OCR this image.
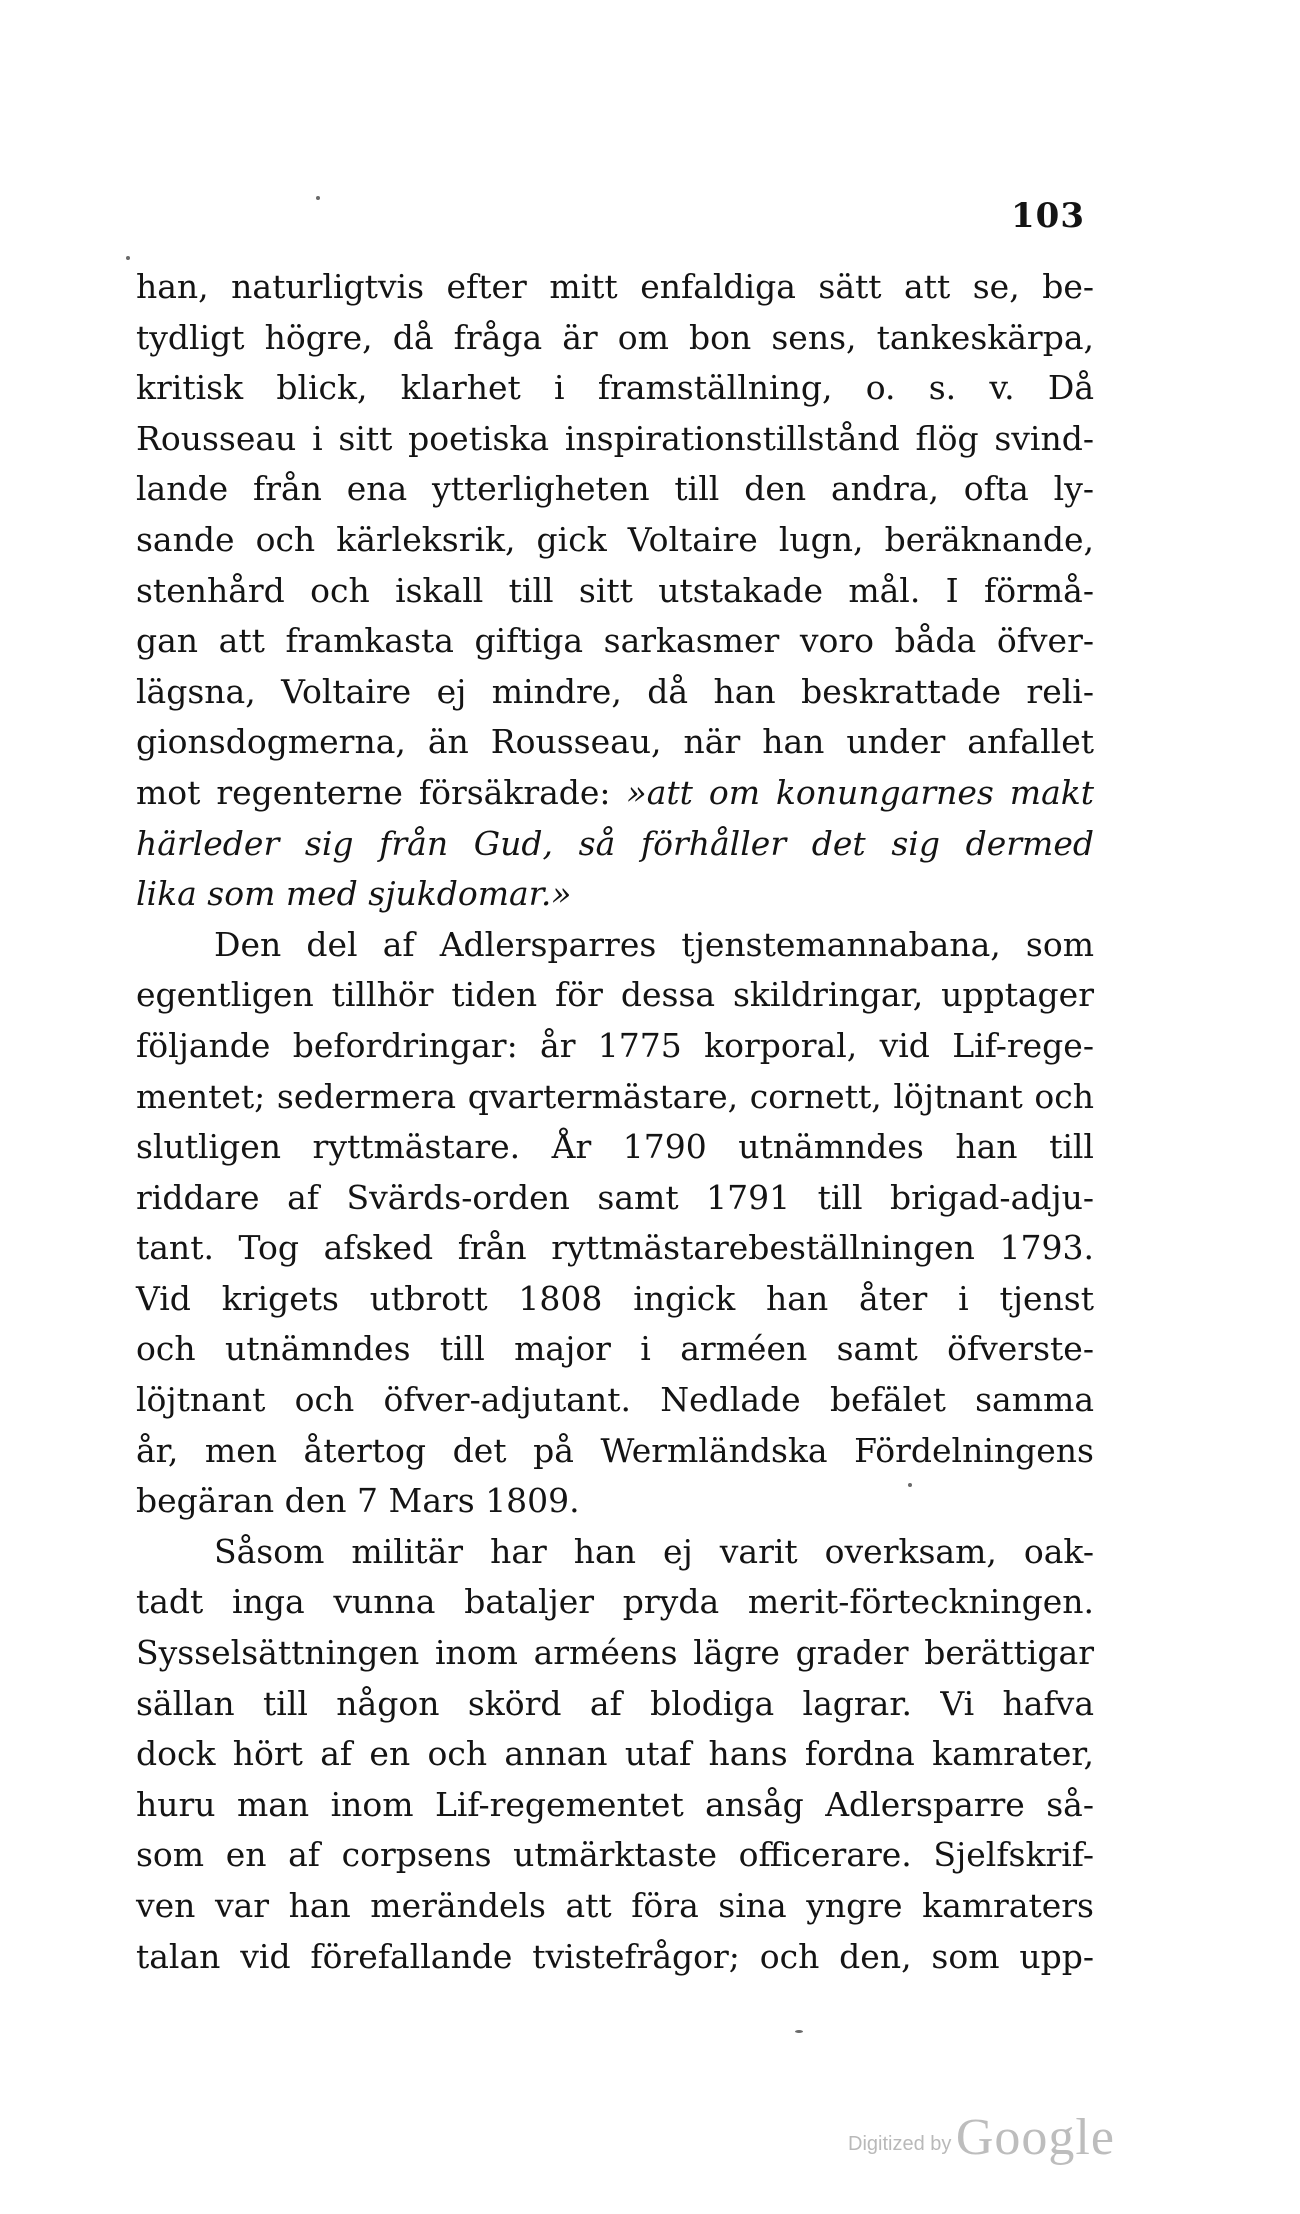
103
han, naturligtvis efter mitt enfaldiga sätt att se, be-
tydligt högre, då fråga är om bon sens, tankeskärpa,
kritisk blick, klarhet i framställning, o. s. v. Då
Rousseau i sitt poetiska inspirationstillstånd flög svind-
lande från ena ytterligheten till den andra, ofta ly-
sande och kärleksrik, gick Voltaire lugn, beräknande,
stenhård och iskall till sitt utstakade mål. I förmå-
gan att framkasta giftiga sarkasmer voro båda öfver-
lägsna, Voltaire ej mindre, då han beskrattade reli-
gionsdogmerna, än Rousseau, när han under anfallet
mot regenterne försäkrade: »att om konungarnes makt
härleder sig från Gud, så förhåller det sig dermed
lika som med sjukdomar.»
Den del af Adlersparres tjenstemannabana, som
egentligen tillhör tiden för dessa skildringar, upptager
följande befordringar: år 1775 korporal, vid Lif-rege-
mentet; sedermera qvartermästare, cornett, löjtnant och
slutligen ryttmästare. År 1790 utnämndes han till
riddare af Svärds-orden samt 1791 till brigad-adju-
tant. Tog afsked från ryttmästarebeställningen 1793.
Vid krigets utbrott 1808 ingick han åter i tjenst
och utnämndes till major i arméen samt öfverste-
löjtnant och öfver-adjutant. Nedlade befälet samma
år, men återtog det på Wermländska Fördelningens
begäran den 7 Mars 1809.
Såsom militär har han ej varit overksam, oak-
tadt inga vunna bataljer pryda merit-förteckningen.
Sysselsättningen inom arméens lägre grader berättigar
sällan till någon skörd af blodiga lagrar. Vi hafva
dock hört af en och annan utaf hans fordna kamrater,
huru man inom Lif-regementet ansåg Adlersparre så-
som en af corpsens utmärktaste officerare. Sjelfskrif-
ven var han merändels att föra sina yngre kamraters
talan vid förefallande tvistefrågor; och den, som upp-
Digitized by Google
